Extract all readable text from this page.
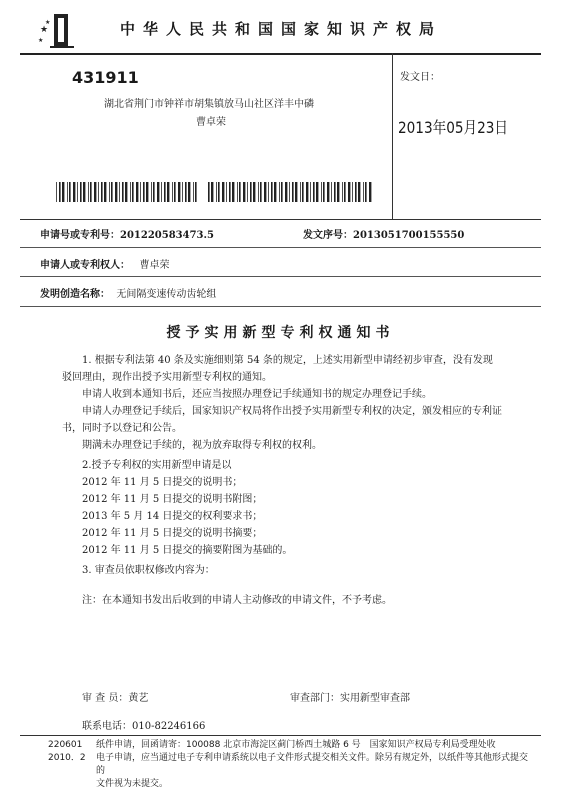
★
★
★	中华人民共和国国家知识产权局
431911
湖北省荆门市钟祥市胡集镇放马山社区洋丰中磷
曹卓荣
发文日：
2013年05月23日
申请号或专利号：201220583473.5	发文序号：2013051700155550
申请人或专利权人： 曹卓荣
发明创造名称： 无间隔变速传动齿轮组
授予实用新型专利权通知书

1. 根据专利法第 40 条及实施细则第 54 条的规定，上述实用新型申请经初步审查，没有发现驳回理由，现作出授予实用新型专利权的通知。

申请人收到本通知书后，还应当按照办理登记手续通知书的规定办理登记手续。

申请人办理登记手续后，国家知识产权局将作出授予实用新型专利权的决定，颁发相应的专利证书，同时予以登记和公告。

期满未办理登记手续的，视为放弃取得专利权的权利。

2.授予专利权的实用新型申请是以

2012 年 11 月 5 日提交的说明书；

2012 年 11 月 5 日提交的说明书附图；

2013 年 5 月 14 日提交的权利要求书；

2012 年 11 月 5 日提交的说明书摘要；

2012 年 11 月 5 日提交的摘要附图为基础的。

3. 审查员依职权修改内容为：

注：在本通知书发出后收到的申请人主动修改的申请文件，不予考虑。

审 查 员：黄艺	审查部门：实用新型审查部
联系电话：010-82246166
220601
2010．2
纸件申请，回函请寄：100088 北京市海淀区蓟门桥西土城路 6 号　国家知识产权局专利局受理处收
电子申请，应当通过电子专利申请系统以电子文件形式提交相关文件。除另有规定外，以纸件等其他形式提交的
文件视为未提交。
